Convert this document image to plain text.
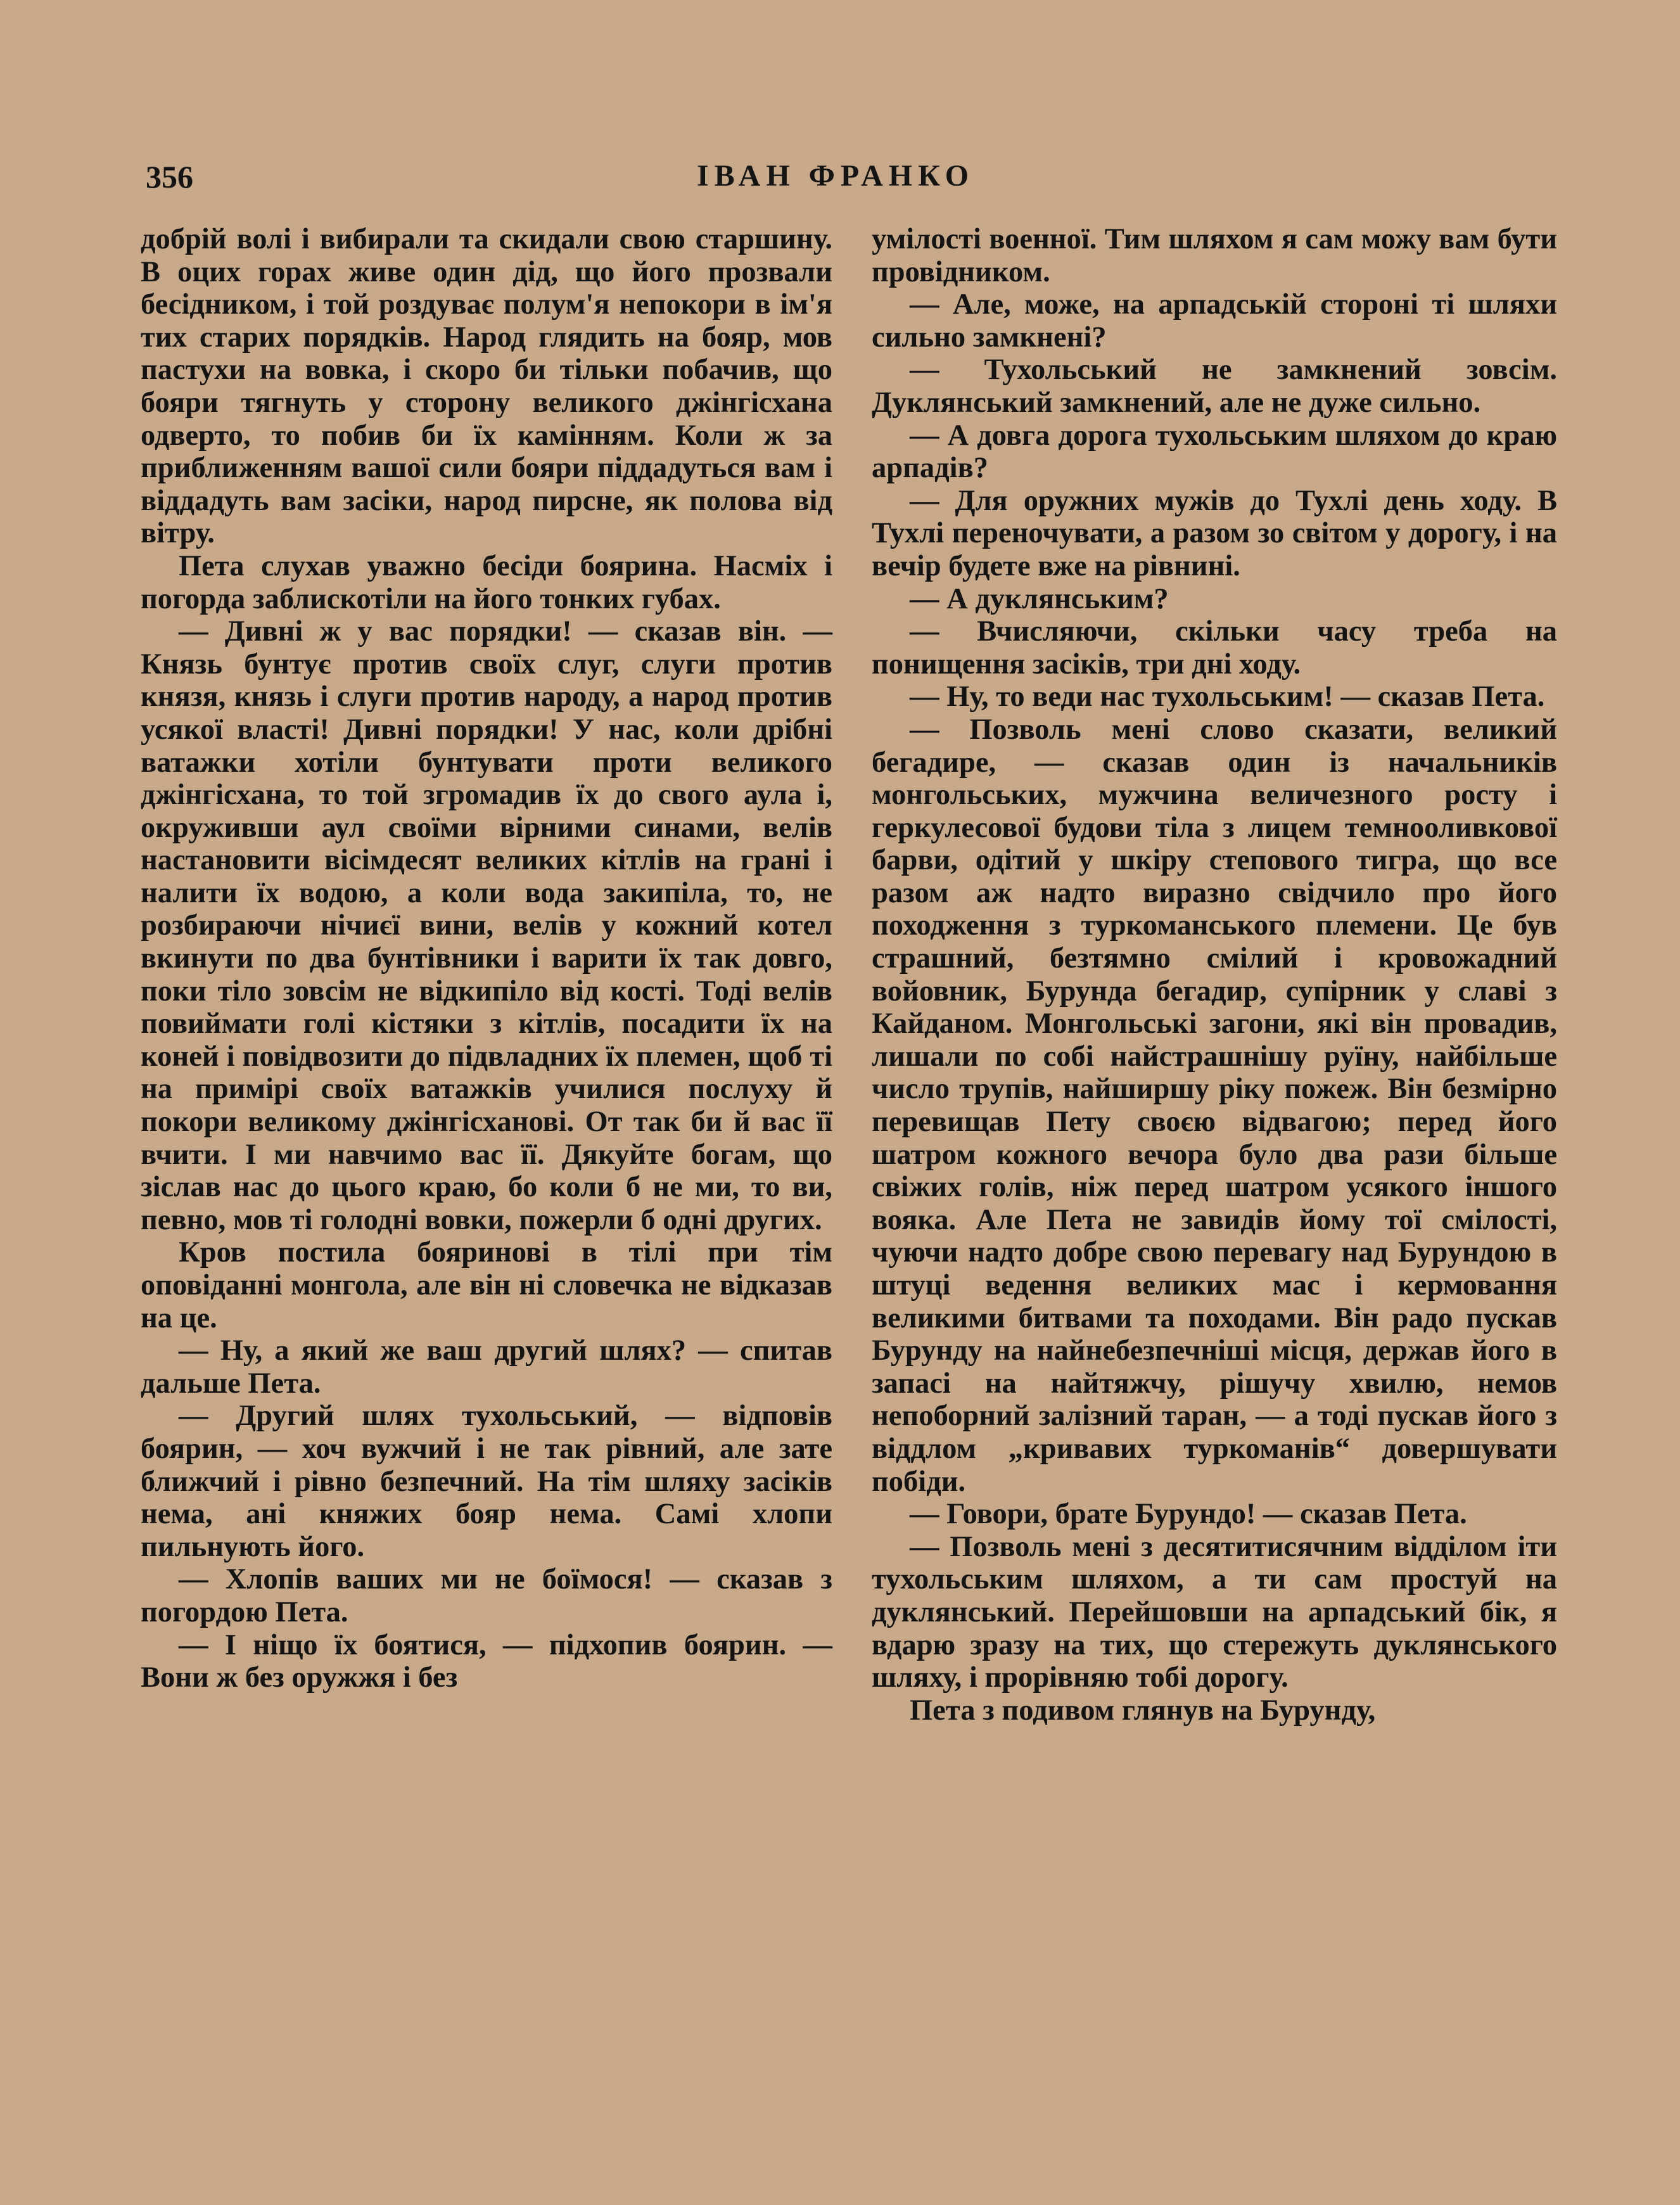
356	ІВАН ФРАНКО

добрій волі і вибирали та скидали свою старшину. В оцих горах живе один дід, що його прозвали бесідником, і той роздуває полум'я непокори в ім'я тих старих порядків. Народ глядить на бояр, мов пастухи на вовка, і скоро би тільки побачив, що бояри тягнуть у сторону великого джінгісхана одверто, то побив би їх камінням. Коли ж за приближенням вашої сили бояри піддадуться вам і віддадуть вам засіки, народ пирсне, як полова від вітру.

Пета слухав уважно бесіди боярина. Насміх і погорда заблискотіли на його тонких губах.

— Дивні ж у вас порядки! — сказав він. — Князь бунтує против своїх слуг, слуги против князя, князь і слуги против народу, а народ против усякої власті! Дивні порядки! У нас, коли дрібні ватажки хотіли бунтувати проти великого джінгісхана, то той згромадив їх до свого аула і, окруживши аул своїми вірними синами, велів настановити вісімдесят великих кітлів на грані і налити їх водою, а коли вода закипіла, то, не розбираючи нічиєї вини, велів у кожний котел вкинути по два бунтівники і варити їх так довго, поки тіло зовсім не відкипіло від кості. Тоді велів повиймати голі кістяки з кітлів, посадити їх на коней і повідвозити до підвладних їх племен, щоб ті на примірі своїх ватажків училися послуху й покори великому джінгісханові. От так би й вас її вчити. І ми навчимо вас її. Дякуйте богам, що зіслав нас до цього краю, бо коли б не ми, то ви, певно, мов ті голодні вовки, пожерли б одні других.

Кров постила бояринові в тілі при тім оповіданні монгола, але він ні словечка не відказав на це.

— Ну, а який же ваш другий шлях? — спитав дальше Пета.

— Другий шлях тухольський, — відповів боярин, — хоч вужчий і не так рівний, але зате ближчий і рівно безпечний. На тім шляху засіків нема, ані княжих бояр нема. Самі хлопи пильнують його.

— Хлопів ваших ми не боїмося! — сказав з погордою Пета.

— І ніщо їх боятися, — підхопив боярин. — Вони ж без оружжя і без

умілості военної. Тим шляхом я сам можу вам бути провідником.

— Але, може, на арпадській стороні ті шляхи сильно замкнені?

— Тухольський не замкнений зовсім. Дуклянський замкнений, але не дуже сильно.

— А довга дорога тухольським шляхом до краю арпадів?

— Для оружних мужів до Тухлі день ходу. В Тухлі переночувати, а разом зо світом у дорогу, і на вечір будете вже на рівнині.

— А дуклянським?

— Вчисляючи, скільки часу треба на понищення засіків, три дні ходу.

— Ну, то веди нас тухольським! — сказав Пета.

— Позволь мені слово сказати, великий бегадире, — сказав один із начальників монгольських, мужчина величезного росту і геркулесової будови тіла з лицем темнооливкової барви, одітий у шкіру степового тигра, що все разом аж надто виразно свідчило про його походження з туркоманського племени. Це був страшний, безтямно смілий і кровожадний войовник, Бурунда бегадир, супірник у славі з Кайданом. Монгольські загони, які він провадив, лишали по собі найстрашнішу руїну, найбільше число трупів, найширшу ріку пожеж. Він безмірно перевищав Пету своєю відвагою; перед його шатром кожного вечора було два рази більше свіжих голів, ніж перед шатром усякого іншого вояка. Але Пета не завидів йому тої смілості, чуючи надто добре свою перевагу над Бурундою в штуці ведення великих мас і кермовання великими битвами та походами. Він радо пускав Бурунду на найнебезпечніші місця, держав його в запасі на найтяжчу, рішучу хвилю, немов непоборний залізний таран, — а тоді пускав його з віддлом „кривавих туркоманів“ довершувати побіди.

— Говори, брате Бурундо! — сказав Пета.

— Позволь мені з десятитисячним відділом іти тухольським шляхом, а ти сам простуй на дуклянський. Перейшовши на арпадський бік, я вдарю зразу на тих, що стережуть дуклянського шляху, і прорівняю тобі дорогу.

Пета з подивом глянув на Бурунду,
